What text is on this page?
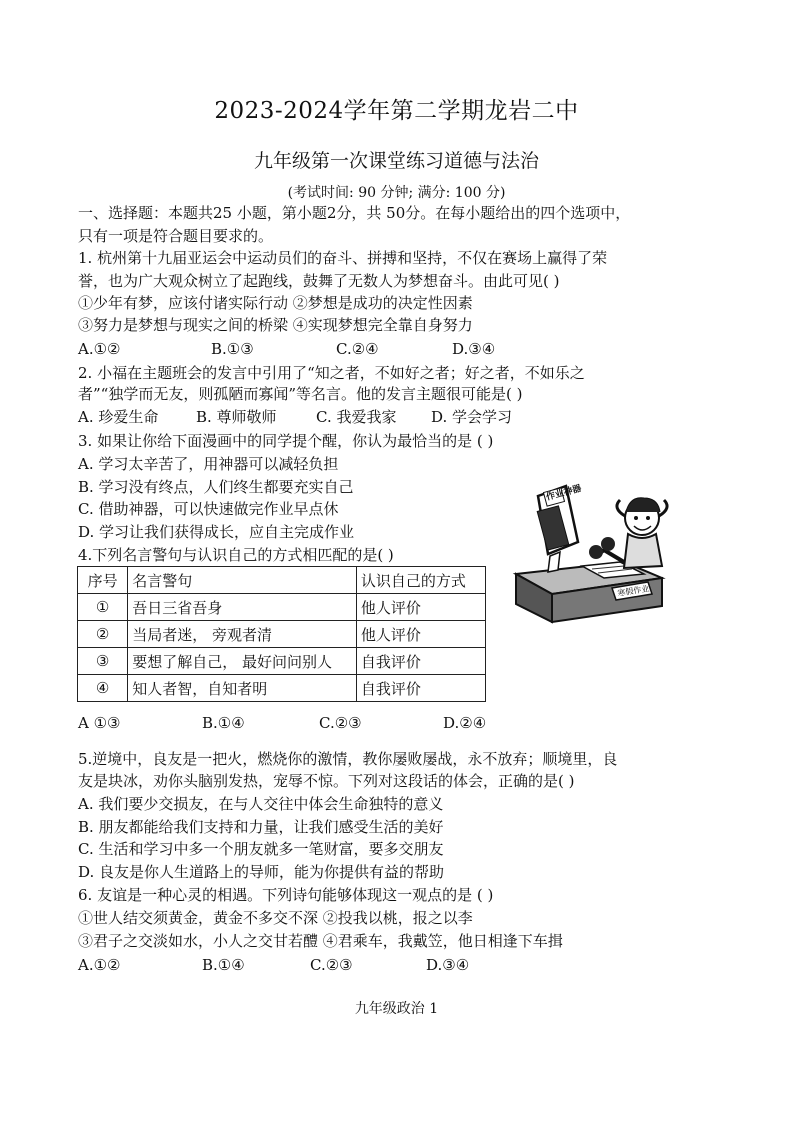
2023-2024学年第二学期龙岩二中
九年级第一次课堂练习道德与法治
(考试时间: 90 分钟; 满分: 100 分)
一、选择题：本题共25 小题，第小题2分，共 50分。在每小题给出的四个选项中，
只有一项是符合题目要求的。
1. 杭州第十九届亚运会中运动员们的奋斗、拼搏和坚持，不仅在赛场上赢得了荣
誉，也为广大观众树立了起跑线，鼓舞了无数人为梦想奋斗。由此可见( )
①少年有梦，应该付诸实际行动 ②梦想是成功的决定性因素
③努力是梦想与现实之间的桥梁 ④实现梦想完全靠自身努力
A.①②	B.①③	C.②④	D.③④
2. 小福在主题班会的发言中引用了“知之者，不如好之者；好之者，不如乐之
者”“独学而无友，则孤陋而寡闻”等名言。他的发言主题很可能是( )
A. 珍爱生命	B. 尊师敬师	C. 我爱我家 D. 学会学习
3. 如果让你给下面漫画中的同学提个醒，你认为最恰当的是 ( )
A. 学习太辛苦了，用神器可以减轻负担
B. 学习没有终点，人们终生都要充实自己
C. 借助神器，可以快速做完作业早点休
D. 学习让我们获得成长，应自主完成作业
作业神器
寒假作业
4.下列名言警句与认识自己的方式相匹配的是( )
序号	名言警句	认识自己的方式
①	吾日三省吾身	他人评价
②	当局者迷， 旁观者清	他人评价
③	要想了解自己， 最好问问别人	自我评价
④	知人者智，自知者明	自我评价
A ①③	B.①④	C.②③	D.②④
5.逆境中，良友是一把火，燃烧你的激情，教你屡败屡战，永不放弃；顺境里，良
友是块冰，劝你头脑别发热，宠辱不惊。下列对这段话的体会，正确的是( )
A. 我们要少交损友，在与人交往中体会生命独特的意义
B. 朋友都能给我们支持和力量，让我们感受生活的美好
C. 生活和学习中多一个朋友就多一笔财富，要多交朋友
D. 良友是你人生道路上的导师，能为你提供有益的帮助
6. 友谊是一种心灵的相遇。下列诗句能够体现这一观点的是 ( )
①世人结交须黄金，黄金不多交不深 ②投我以桃，报之以李
③君子之交淡如水，小人之交甘若醴 ④君乘车，我戴笠，他日相逢下车揖
A.①②	B.①④	C.②③	D.③④
九年级政治 1
